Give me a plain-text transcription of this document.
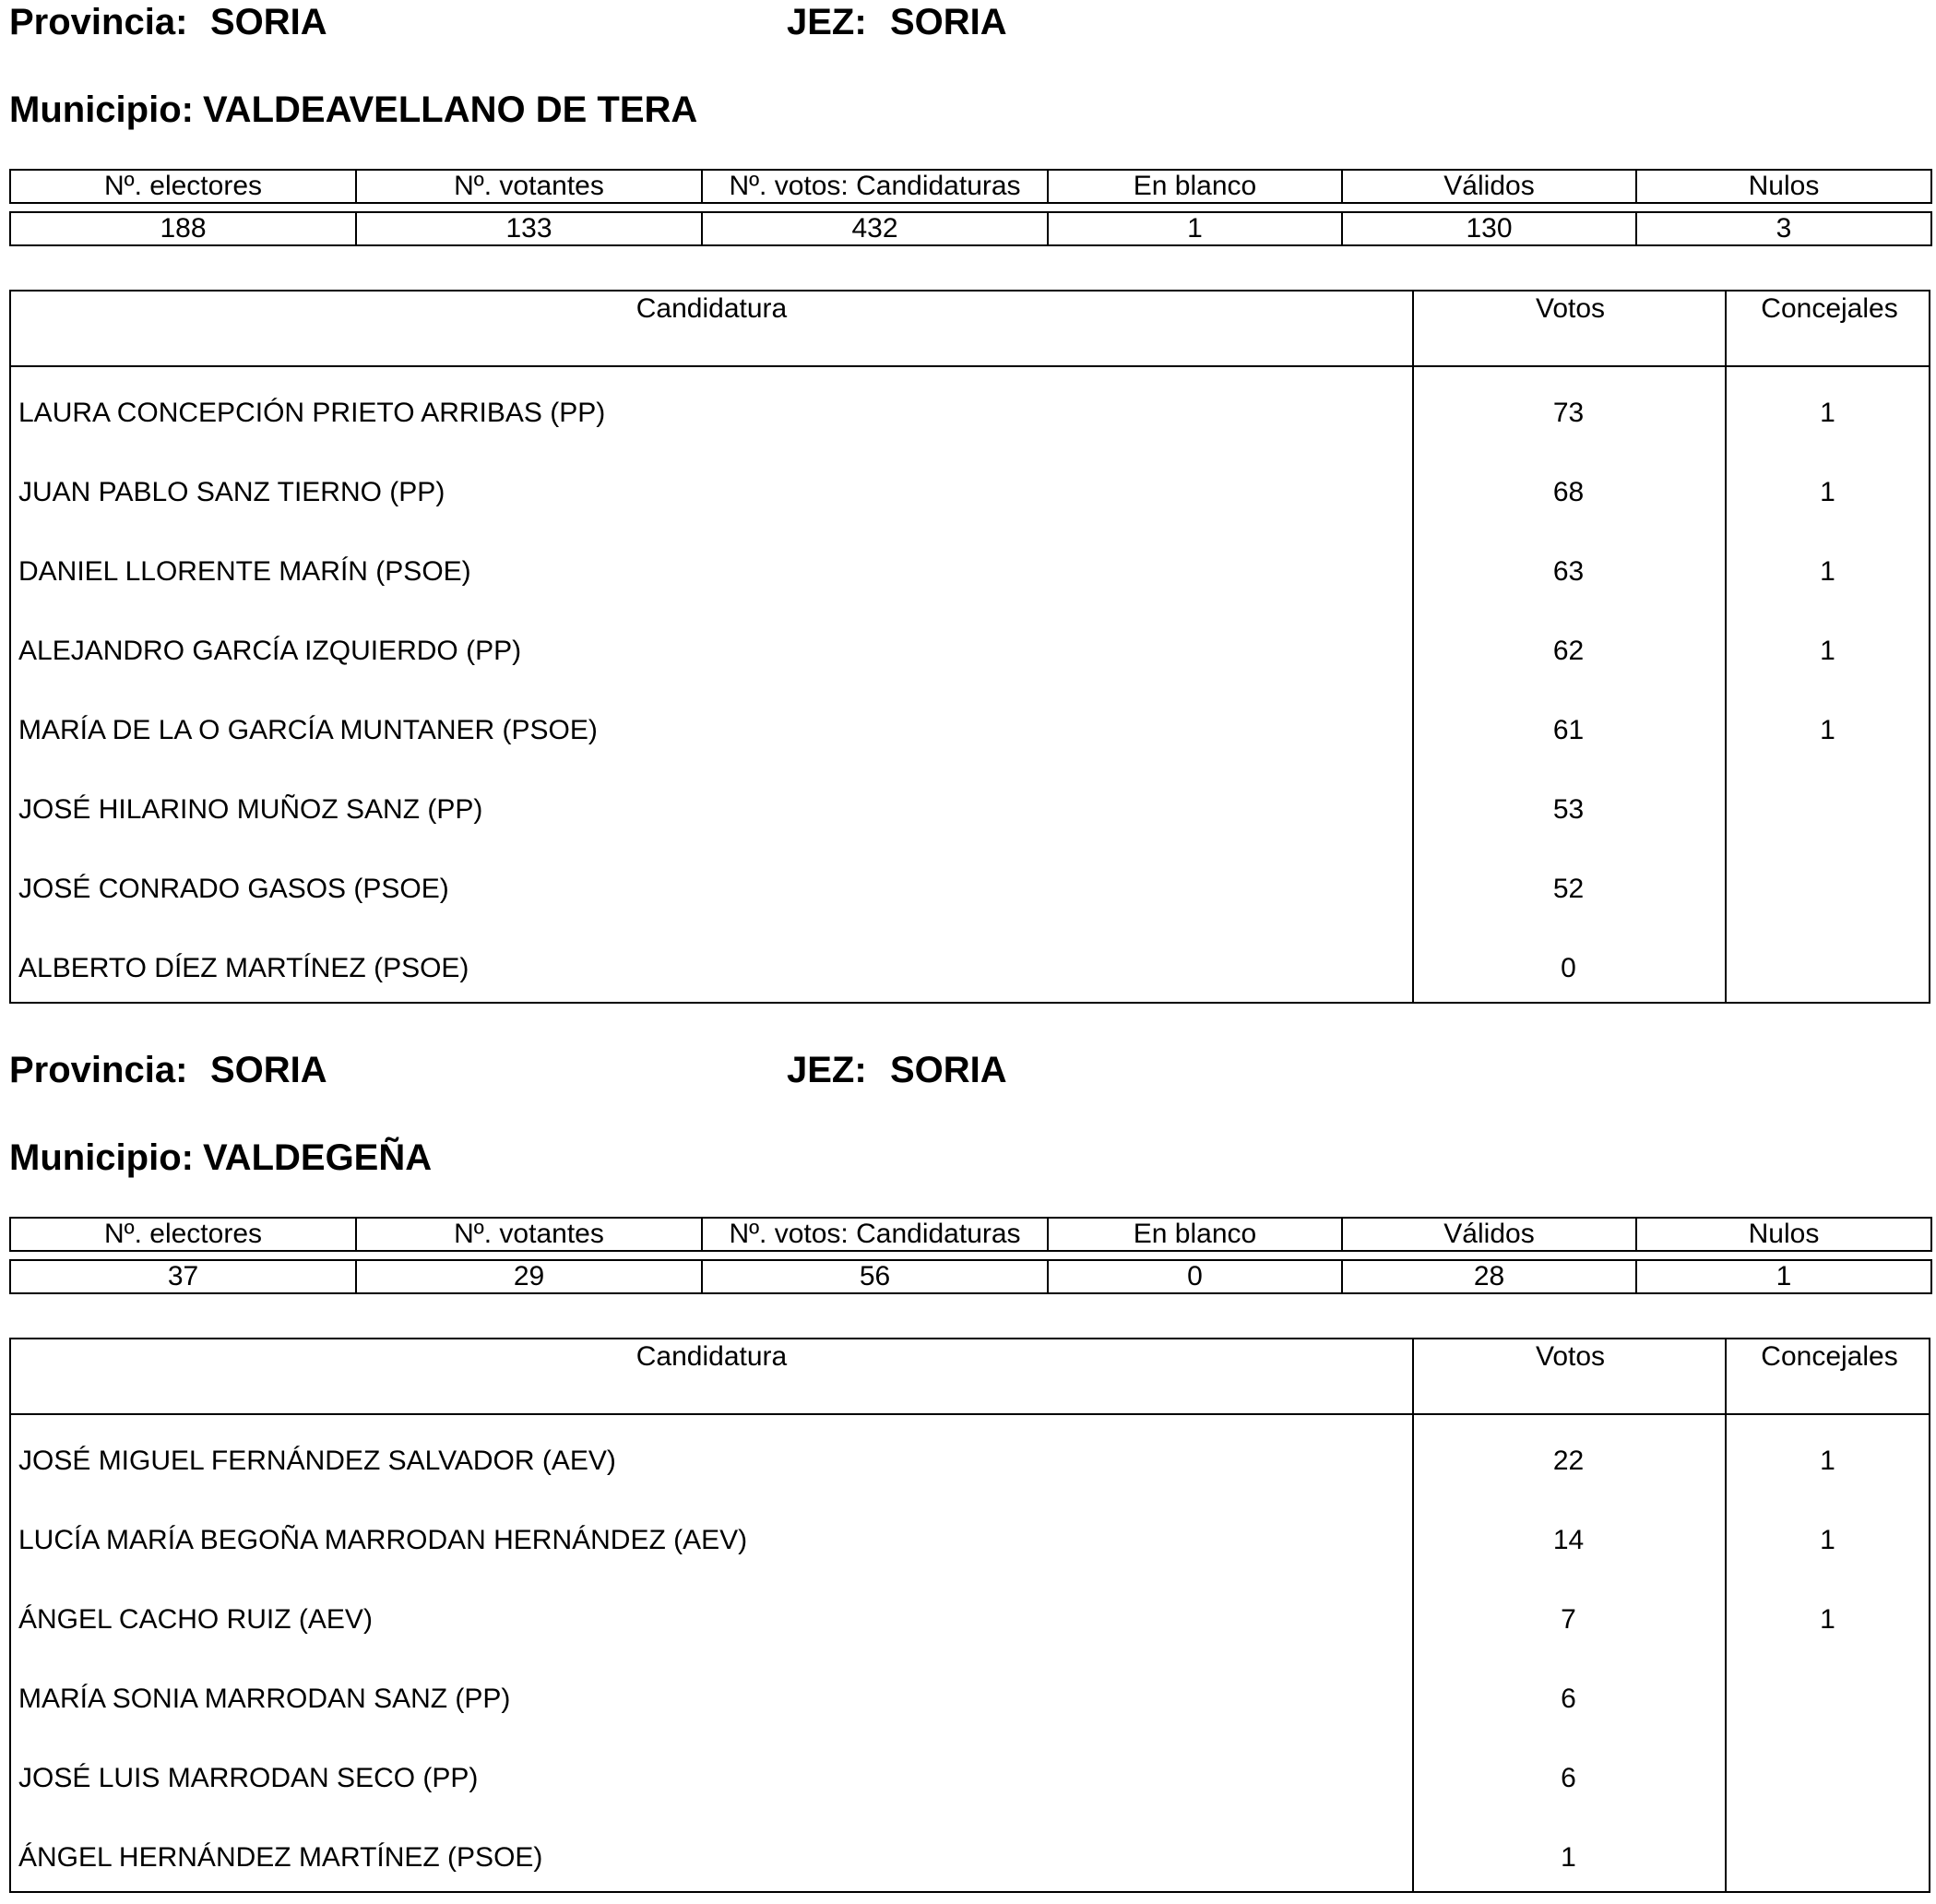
Provincia: SORIA	JEZ: SORIA
Municipio: VALDEAVELLANO DE TERA
Nº. electores	Nº. votantes	Nº. votos: Candidaturas	En blanco	Válidos	Nulos

188	133	432	1	130	3
Candidatura	Votos	Concejales
LAURA CONCEPCIÓN PRIETO ARRIBAS (PP)	73	1
JUAN PABLO SANZ TIERNO (PP)	68	1
DANIEL LLORENTE MARÍN (PSOE)	63	1
ALEJANDRO GARCÍA IZQUIERDO (PP)	62	1
MARÍA DE LA O GARCÍA MUNTANER (PSOE)	61	1
JOSÉ HILARINO MUÑOZ SANZ (PP)	53
JOSÉ CONRADO GASOS (PSOE)	52
ALBERTO DÍEZ MARTÍNEZ (PSOE)	0
Provincia: SORIA	JEZ: SORIA
Municipio: VALDEGEÑA
Nº. electores	Nº. votantes	Nº. votos: Candidaturas	En blanco	Válidos	Nulos

37	29	56	0	28	1
Candidatura	Votos	Concejales
JOSÉ MIGUEL FERNÁNDEZ SALVADOR (AEV)	22	1
LUCÍA MARÍA BEGOÑA MARRODAN HERNÁNDEZ (AEV)	14	1
ÁNGEL CACHO RUIZ (AEV)	7	1
MARÍA SONIA MARRODAN SANZ (PP)	6
JOSÉ LUIS MARRODAN SECO (PP)	6
ÁNGEL HERNÁNDEZ MARTÍNEZ (PSOE)	1
